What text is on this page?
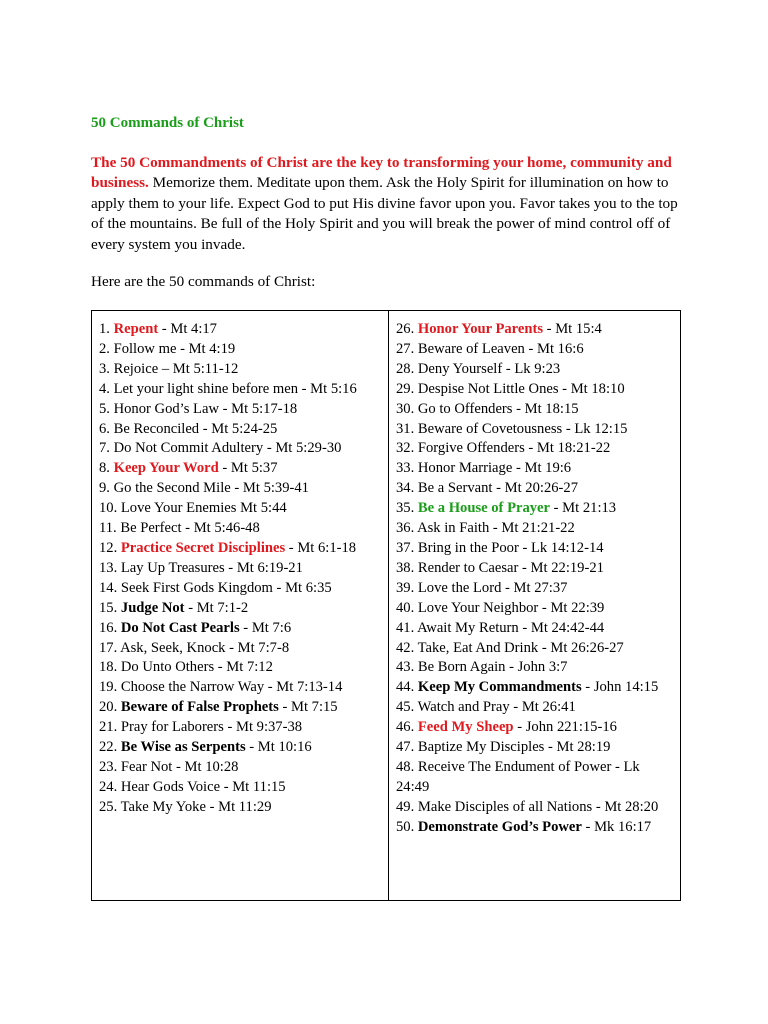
50 Commands of Christ
The 50 Commandments of Christ are the key to transforming your home, community and business. Memorize them. Meditate upon them. Ask the Holy Spirit for illumination on how to apply them to your life. Expect God to put His divine favor upon you. Favor takes you to the top of the mountains. Be full of the Holy Spirit and you will break the power of mind control off of every system you invade.
Here are the 50 commands of Christ:
1. Repent - Mt 4:17
2. Follow me - Mt 4:19
3. Rejoice – Mt 5:11-12
4. Let your light shine before men - Mt 5:16
5. Honor God’s Law - Mt 5:17-18
6. Be Reconciled - Mt 5:24-25
7. Do Not Commit Adultery - Mt 5:29-30
8. Keep Your Word - Mt 5:37
9. Go the Second Mile - Mt 5:39-41
10. Love Your Enemies Mt 5:44
11. Be Perfect - Mt 5:46-48
12. Practice Secret Disciplines - Mt 6:1-18
13. Lay Up Treasures - Mt 6:19-21
14. Seek First Gods Kingdom - Mt 6:35
15. Judge Not - Mt 7:1-2
16. Do Not Cast Pearls - Mt 7:6
17. Ask, Seek, Knock - Mt 7:7-8
18. Do Unto Others - Mt 7:12
19. Choose the Narrow Way - Mt 7:13-14
20. Beware of False Prophets - Mt 7:15
21. Pray for Laborers - Mt 9:37-38
22. Be Wise as Serpents - Mt 10:16
23. Fear Not - Mt 10:28
24. Hear Gods Voice - Mt 11:15
25. Take My Yoke - Mt 11:29

26. Honor Your Parents - Mt 15:4
27. Beware of Leaven - Mt 16:6
28. Deny Yourself - Lk 9:23
29. Despise Not Little Ones - Mt 18:10
30. Go to Offenders - Mt 18:15
31. Beware of Covetousness - Lk 12:15
32. Forgive Offenders - Mt 18:21-22
33. Honor Marriage - Mt 19:6
34. Be a Servant - Mt 20:26-27
35. Be a House of Prayer - Mt 21:13
36. Ask in Faith - Mt 21:21-22
37. Bring in the Poor - Lk 14:12-14
38. Render to Caesar - Mt 22:19-21
39. Love the Lord - Mt 27:37
40. Love Your Neighbor - Mt 22:39
41. Await My Return - Mt 24:42-44
42. Take, Eat And Drink - Mt 26:26-27
43. Be Born Again - John 3:7
44. Keep My Commandments - John 14:15
45. Watch and Pray - Mt 26:41
46. Feed My Sheep - John 221:15-16
47. Baptize My Disciples - Mt 28:19
48. Receive The Endument of Power - Lk 24:49
49. Make Disciples of all Nations - Mt 28:20
50. Demonstrate God’s Power - Mk 16:17
